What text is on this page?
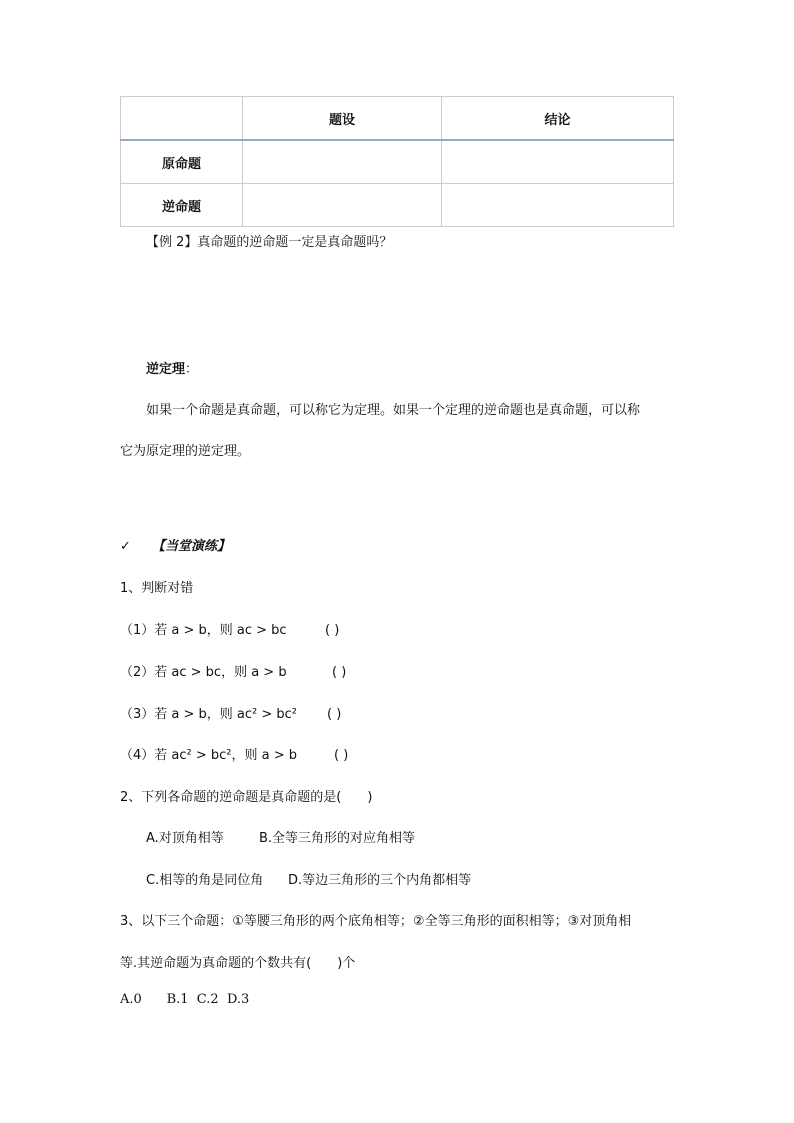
	题设	结论
原命题		
逆命题		
【例 2】真命题的逆命题一定是真命题吗？
逆定理：
如果一个命题是真命题，可以称它为定理。如果一个定理的逆命题也是真命题，可以称
它为原定理的逆定理。
✓ 【当堂演练】
1、判断对错
（1）若 a > b，则 ac > bc	( )
（2）若 ac > bc，则 a > b	( )
（3）若 a > b，则 ac² > bc² ( )
（4）若 ac² > bc²，则 a > b	( )
2、下列各命题的逆命题是真命题的是(　　)
A.对顶角相等	B.全等三角形的对应角相等
C.相等的角是同位角 D.等边三角形的三个内角都相等
3、以下三个命题：①等腰三角形的两个底角相等；②全等三角形的面积相等；③对顶角相
等.其逆命题为真命题的个数共有(　　)个
A.0      B.1  C.2  D.3
